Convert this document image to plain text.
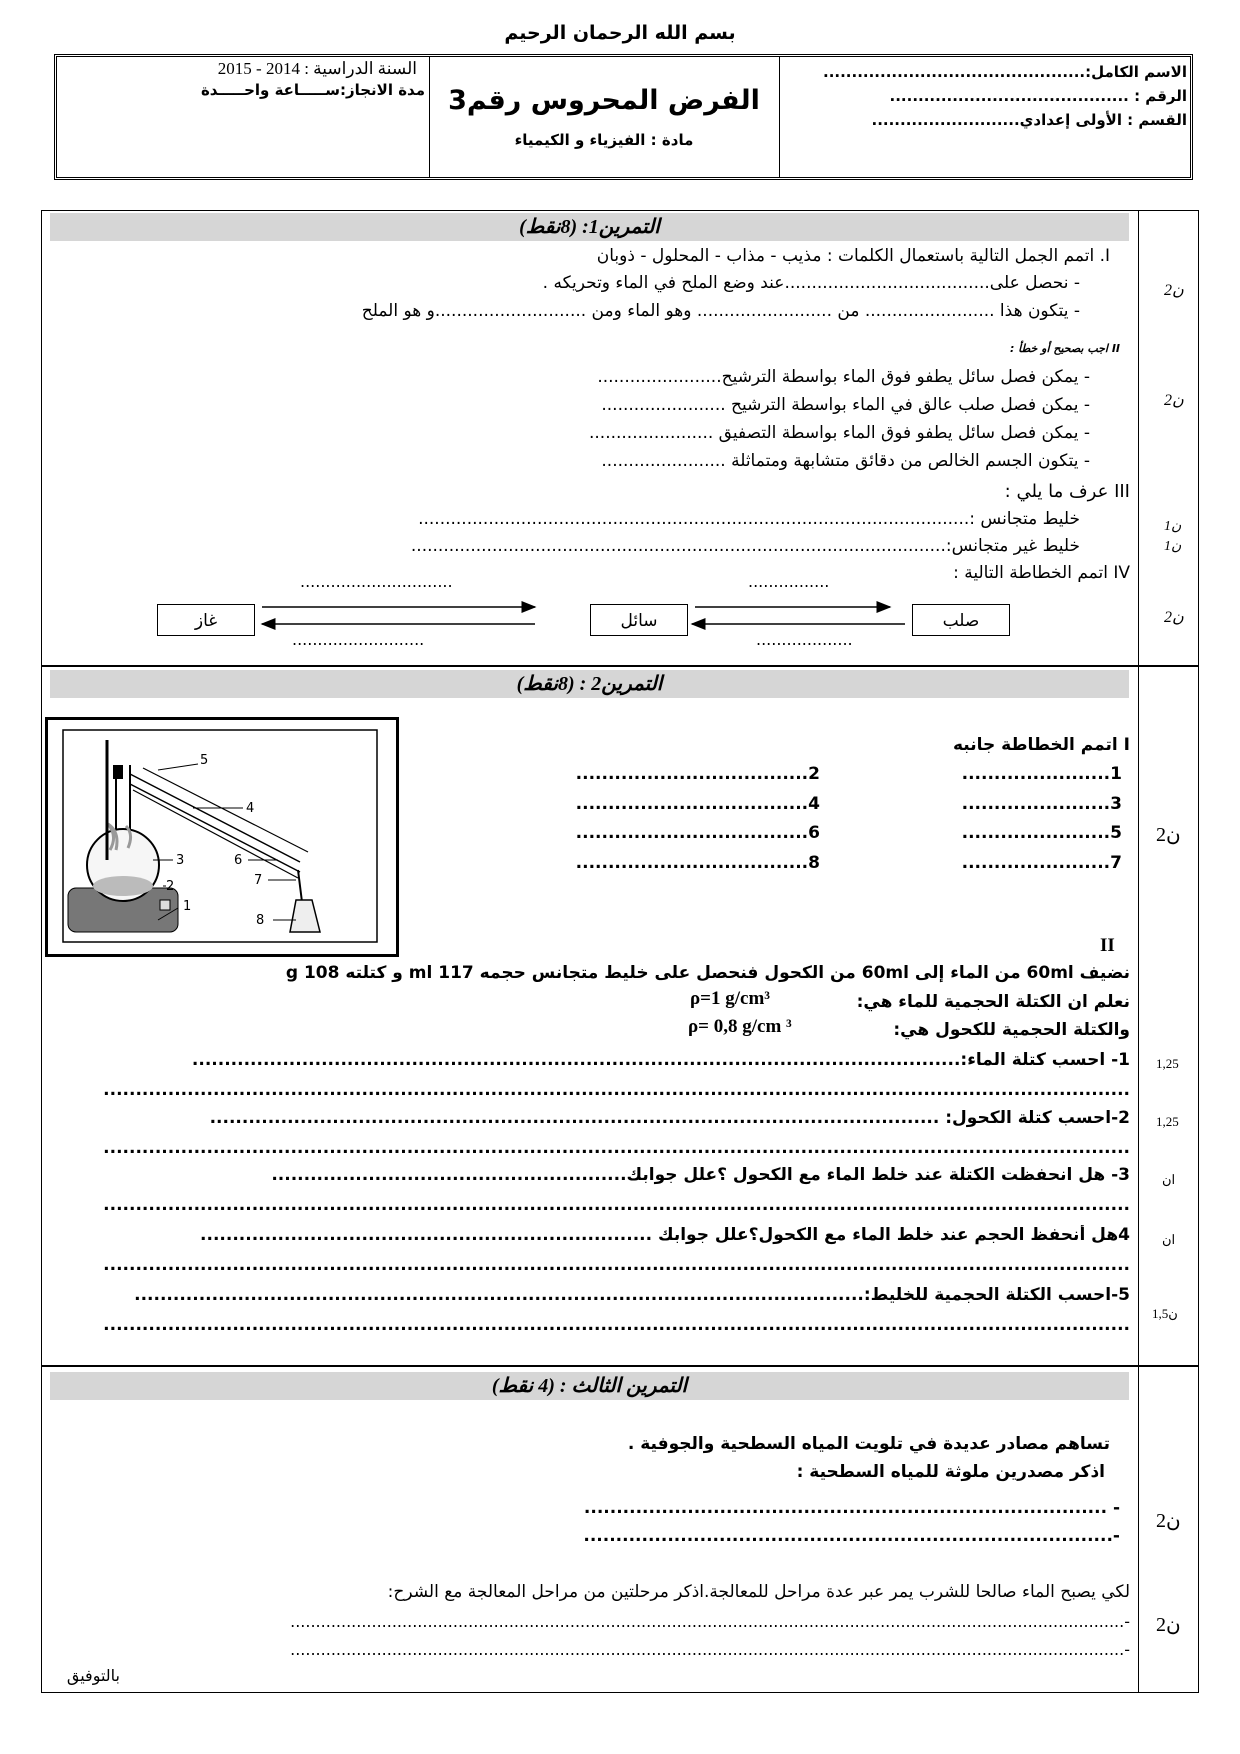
بسم الله الرحمان الرحيم
السنة الدراسية : 2014 - 2015
مدة الانجاز:ســـــاعة واحـــــدة الفرض المحروس رقم3
مادة : الفيزياء و الكيمياء
الاسم الكامل:..............................................
الرقم : ..........................................
القسم : الأولى إعدادي..........................
التمرين1: (8نقط)
I. اتمم الجمل التالية باستعمال الكلمات : مذيب - مذاب - المحلول - ذوبان
- نحصل على......................................عند وضع الملح في الماء وتحريكه .
- يتكون هذا ........................ من ......................... وهو الماء ومن ............................و هو الملح
II اجب بصحيح أو خطأ :
- يمكن فصل سائل يطفو فوق الماء بواسطة الترشيح.......................
- يمكن فصل صلب عالق في الماء بواسطة الترشيح .......................
- يمكن فصل سائل يطفو فوق الماء بواسطة التصفيق .......................
- يتكون الجسم الخالص من دقائق متشابهة ومتماثلة .......................
III عرف ما يلي :
خليط متجانس :......................................................................................................
خليط غير متجانس:...................................................................................................
IV اتمم الخطاطة التالية :
..............................	................
..........................	...................
غاز	سائل	صلب
2ن
2ن
1ن
1ن
2ن
التمرين2 : (8نقط)
1
2
3
4
5
6
7
8
I اتمم الخطاطة جانبه
1.......................
3.......................
5.......................
7.......................
2....................................
4....................................
6....................................
8....................................
2ن
II
نضيف 60ml من الماء إلى 60ml من الكحول فنحصل على خليط متجانس حجمه 117 ml و كتلته 108 g
نعلم ان الكتلة الحجمية للماء هي:
ρ=1 g/cm³
والكتلة الحجمية للكحول هي:
ρ= 0,8 g/cm ³
1- احسب كتلة الماء:.......................................................................................................................
...............................................................................................................................................................
2-احسب كتلة الكحول: .................................................................................................................
...............................................................................................................................................................
3- هل انحفظت الكتلة عند خلط الماء مع الكحول ؟علل جوابك.......................................................
...............................................................................................................................................................
4هل أنحفظ الحجم عند خلط الماء مع الكحول؟علل جوابك ......................................................................
...............................................................................................................................................................
5-احسب الكتلة الحجمية للخليط:.................................................................................................................
...............................................................................................................................................................
1,25
1,25
ان
ان
1,5ن
التمرين الثالث : (4 نقط)
تساهم مصادر عديدة في تلويت المياه السطحية والجوفية .
اذكر مصدرين ملوثة للمياه السطحية :
- .................................................................................
-..................................................................................
لكي يصبح الماء صالحا للشرب يمر عبر عدة مراحل للمعالجة.اذكر مرحلتين من مراحل المعالجة مع الشرح:
-....................................................................................................................................................................
-....................................................................................................................................................................
بالتوفيق
2ن
2ن
